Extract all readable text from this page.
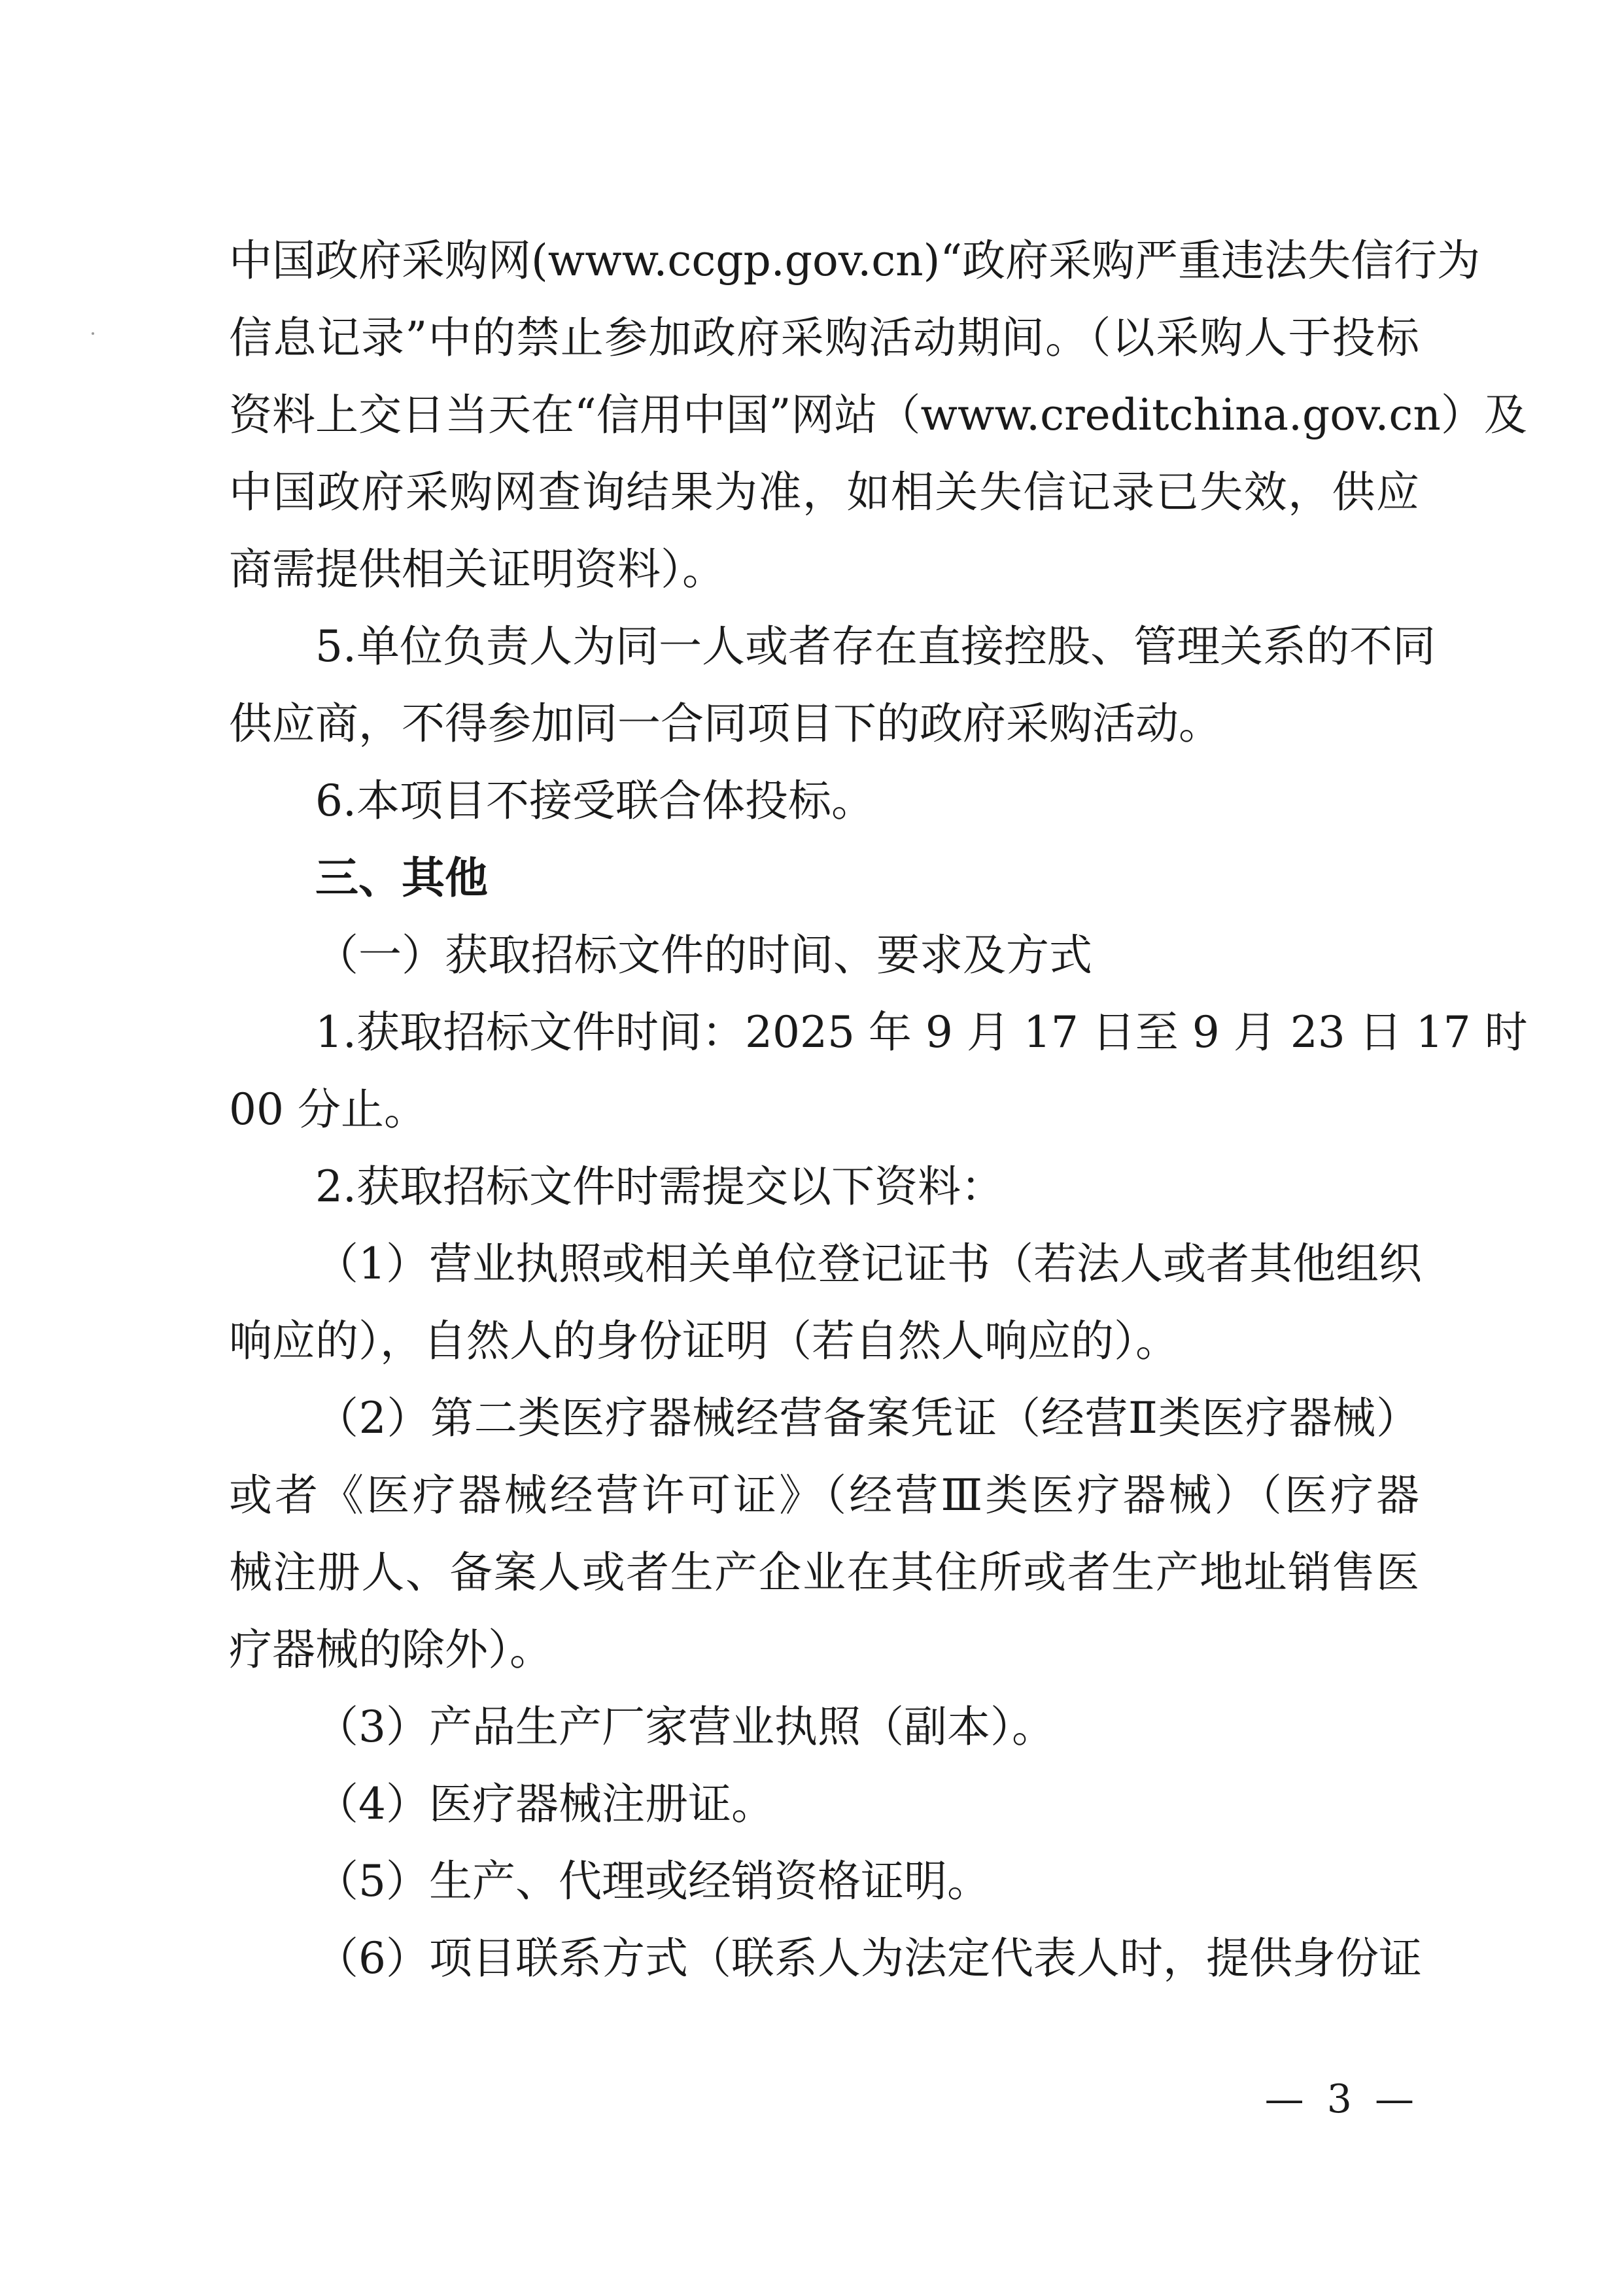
中国政府采购网(www.ccgp.gov.cn)“政府采购严重违法失信行为
信息记录”中的禁止参加政府采购活动期间。（以采购人于投标
资料上交日当天在“信用中国”网站（www.creditchina.gov.cn）及
中国政府采购网查询结果为准，如相关失信记录已失效，供应
商需提供相关证明资料）。
5.单位负责人为同一人或者存在直接控股、管理关系的不同
供应商，不得参加同一合同项目下的政府采购活动。
6.本项目不接受联合体投标。
三、其他
（一）获取招标文件的时间、要求及方式
1.获取招标文件时间：2025 年 9 月 17 日至 9 月 23 日 17 时
00 分止。
2.获取招标文件时需提交以下资料：
（1）营业执照或相关单位登记证书（若法人或者其他组织
响应的），自然人的身份证明（若自然人响应的）。
（2）第二类医疗器械经营备案凭证（经营Ⅱ类医疗器械）
或者《医疗器械经营许可证》（经营Ⅲ类医疗器械）（医疗器
械注册人、备案人或者生产企业在其住所或者生产地址销售医
疗器械的除外）。
（3）产品生产厂家营业执照（副本）。
（4）医疗器械注册证。
（5）生产、代理或经销资格证明。
（6）项目联系方式（联系人为法定代表人时，提供身份证
— 3 —
